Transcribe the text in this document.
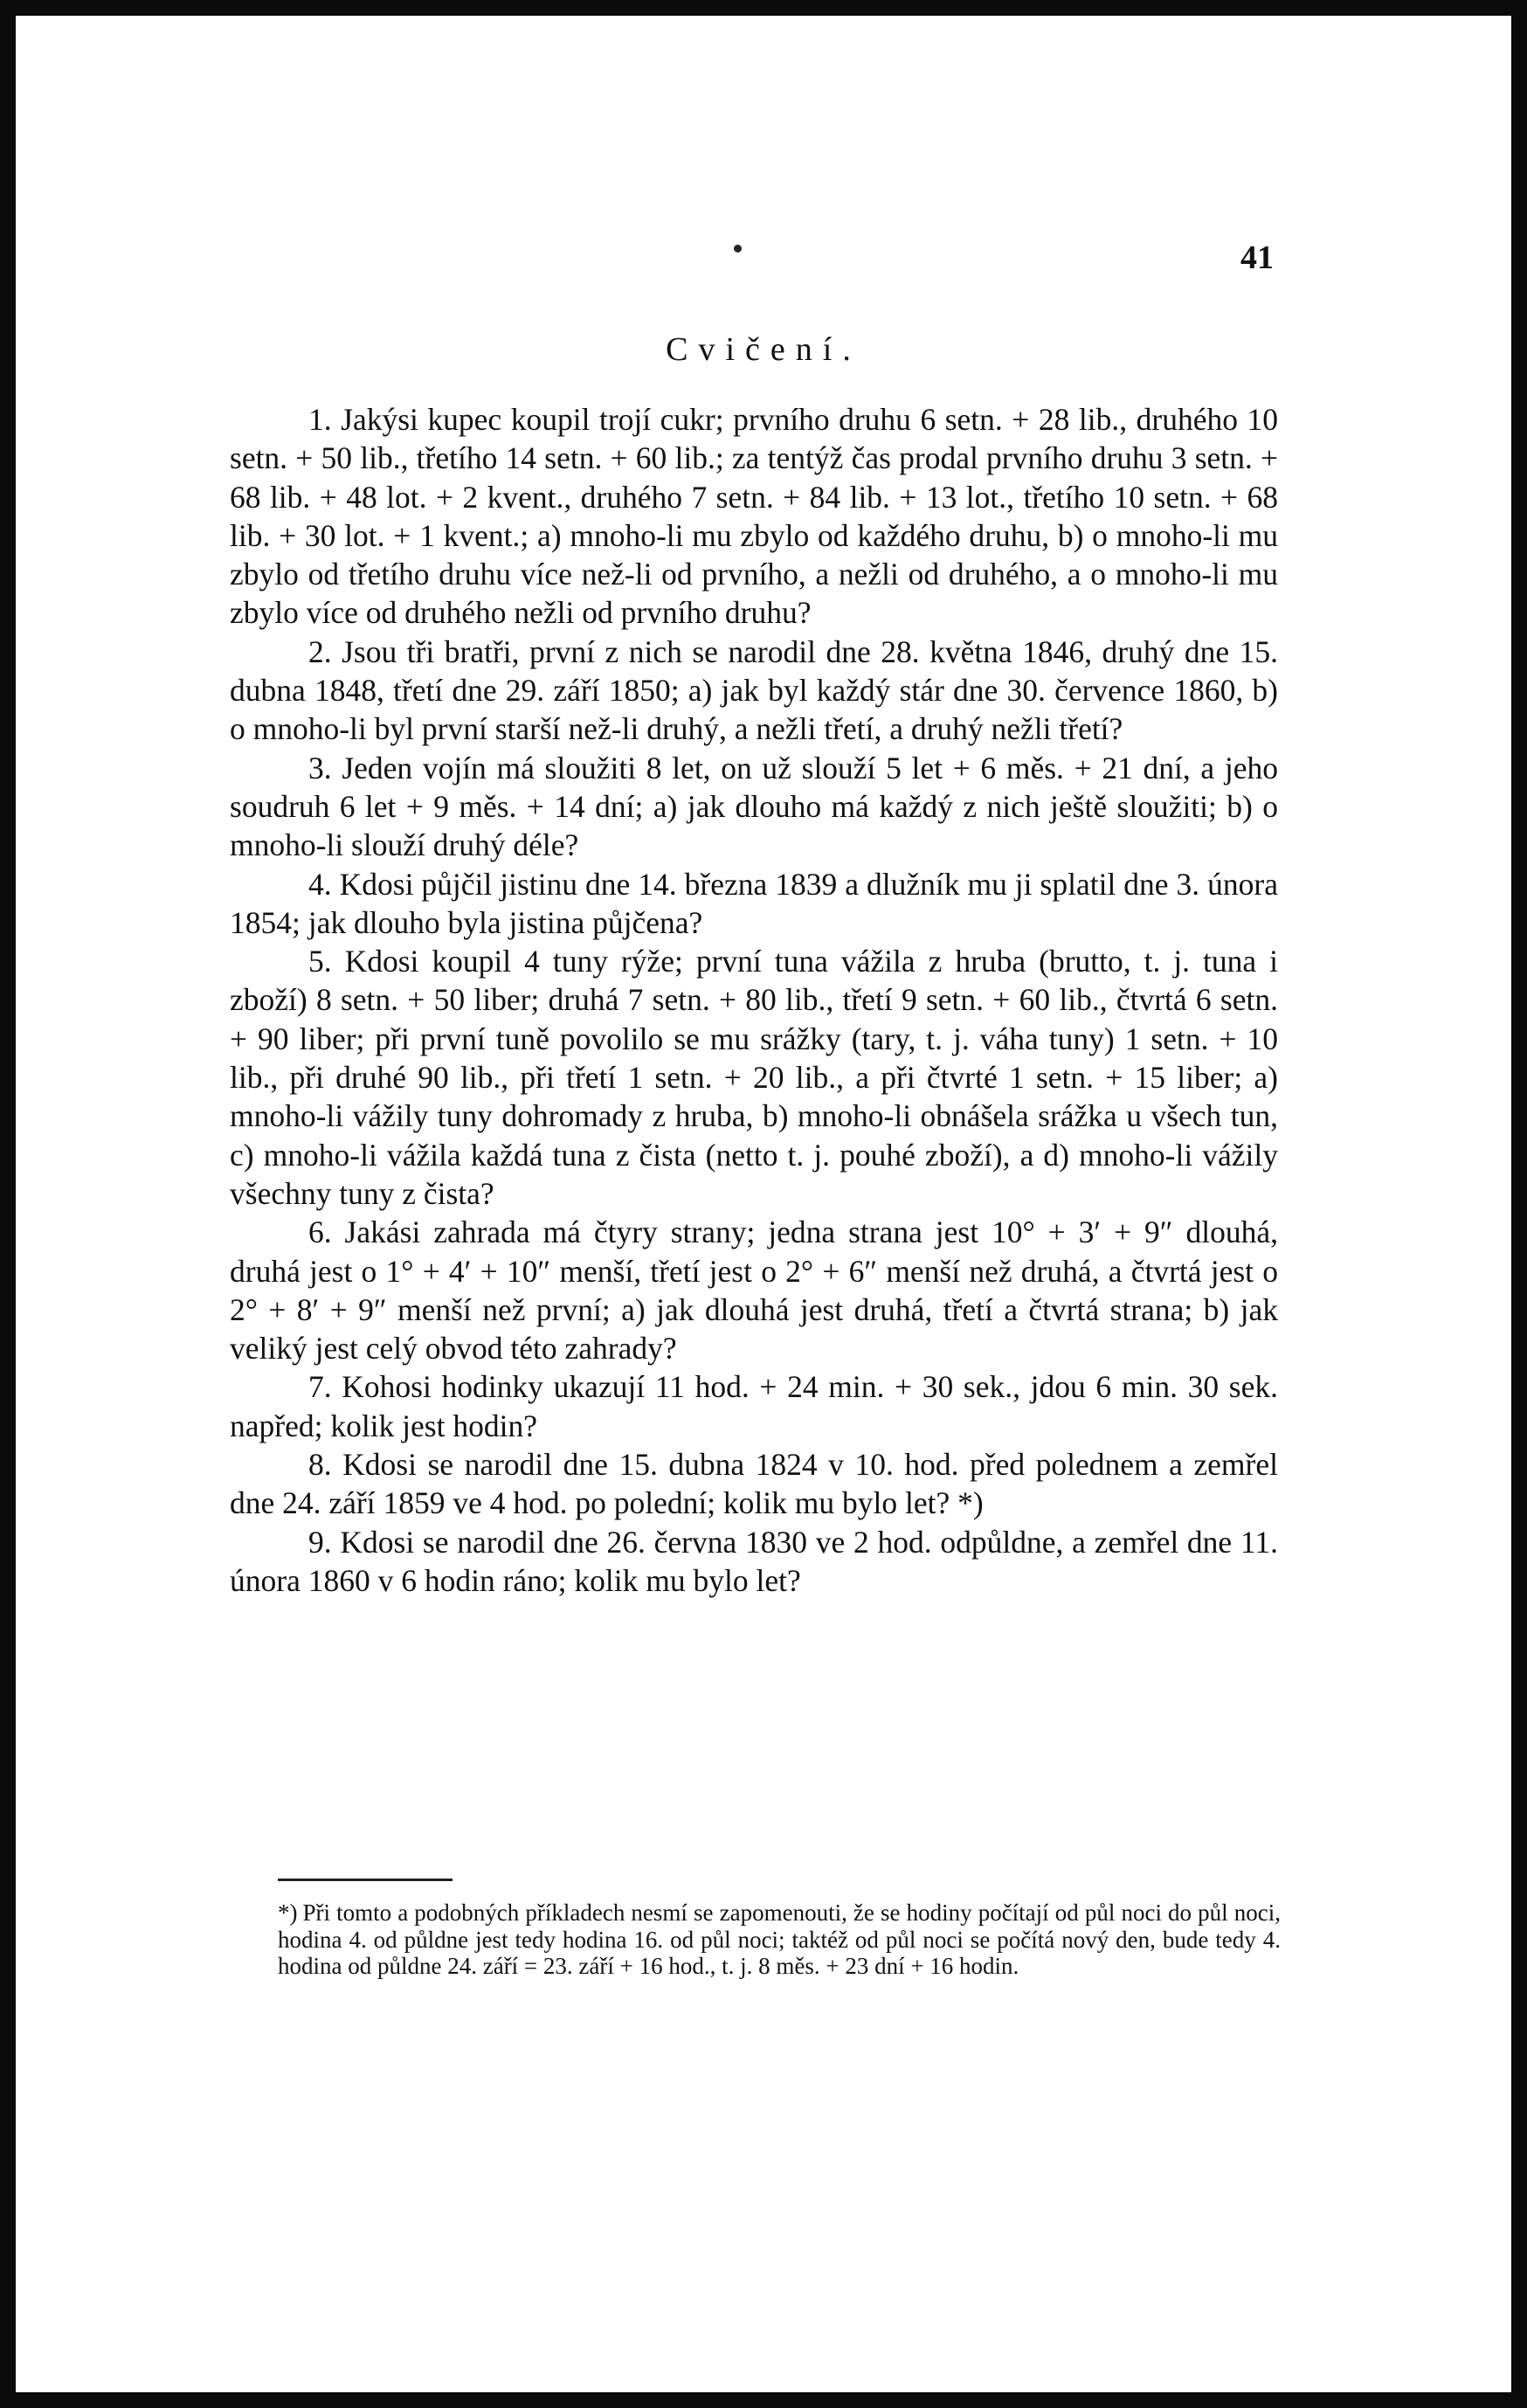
41
Cvičení.

1. Jakýsi kupec koupil trojí cukr; prvního druhu 6 setn. + 28 lib., druhého 10 setn. + 50 lib., třetího 14 setn. + 60 lib.; za tentýž čas prodal prvního druhu 3 setn. + 68 lib. + 48 lot. + 2 kvent., druhého 7 setn. + 84 lib. + 13 lot., třetího 10 setn. + 68 lib. + 30 lot. + 1 kvent.; a) mnoho-li mu zbylo od každého druhu, b) o mnoho-li mu zbylo od třetího druhu více než-li od prvního, a nežli od druhého, a o mnoho-li mu zbylo více od druhého nežli od prvního druhu?

2. Jsou tři bratři, první z nich se narodil dne 28. května 1846, druhý dne 15. dubna 1848, třetí dne 29. září 1850; a) jak byl každý stár dne 30. července 1860, b) o mnoho-li byl první starší než-li druhý, a nežli třetí, a druhý nežli třetí?

3. Jeden vojín má sloužiti 8 let, on už slouží 5 let + 6 měs. + 21 dní, a jeho soudruh 6 let + 9 měs. + 14 dní; a) jak dlouho má každý z nich ještě sloužiti; b) o mnoho-li slouží druhý déle?

4. Kdosi půjčil jistinu dne 14. března 1839 a dlužník mu ji splatil dne 3. února 1854; jak dlouho byla jistina půjčena?

5. Kdosi koupil 4 tuny rýže; první tuna vážila z hruba (brutto, t. j. tuna i zboží) 8 setn. + 50 liber; druhá 7 setn. + 80 lib., třetí 9 setn. + 60 lib., čtvrtá 6 setn. + 90 liber; při první tuně povolilo se mu srážky (tary, t. j. váha tuny) 1 setn. + 10 lib., při druhé 90 lib., při třetí 1 setn. + 20 lib., a při čtvrté 1 setn. + 15 liber; a) mnoho-li vážily tuny dohromady z hruba, b) mnoho-li obnášela srážka u všech tun, c) mnoho-li vážila každá tuna z čista (netto t. j. pouhé zboží), a d) mnoho-li vážily všechny tuny z čista?

6. Jakási zahrada má čtyry strany; jedna strana jest 10° + 3′ + 9″ dlouhá, druhá jest o 1° + 4′ + 10″ menší, třetí jest o 2° + 6″ menší než druhá, a čtvrtá jest o 2° + 8′ + 9″ menší než první; a) jak dlouhá jest druhá, třetí a čtvrtá strana; b) jak veliký jest celý obvod této zahrady?

7. Kohosi hodinky ukazují 11 hod. + 24 min. + 30 sek., jdou 6 min. 30 sek. napřed; kolik jest hodin?

8. Kdosi se narodil dne 15. dubna 1824 v 10. hod. před polednem a zemřel dne 24. září 1859 ve 4 hod. po polední; kolik mu bylo let? *)

9. Kdosi se narodil dne 26. června 1830 ve 2 hod. odpůldne, a zemřel dne 11. února 1860 v 6 hodin ráno; kolik mu bylo let?

*) Při tomto a podobných příkladech nesmí se zapomenouti, že se hodiny počítají od půl noci do půl noci, hodina 4. od půldne jest tedy hodina 16. od půl noci; taktéž od půl noci se počítá nový den, bude tedy 4. hodina od půldne 24. září = 23. září + 16 hod., t. j. 8 měs. + 23 dní + 16 hodin.
